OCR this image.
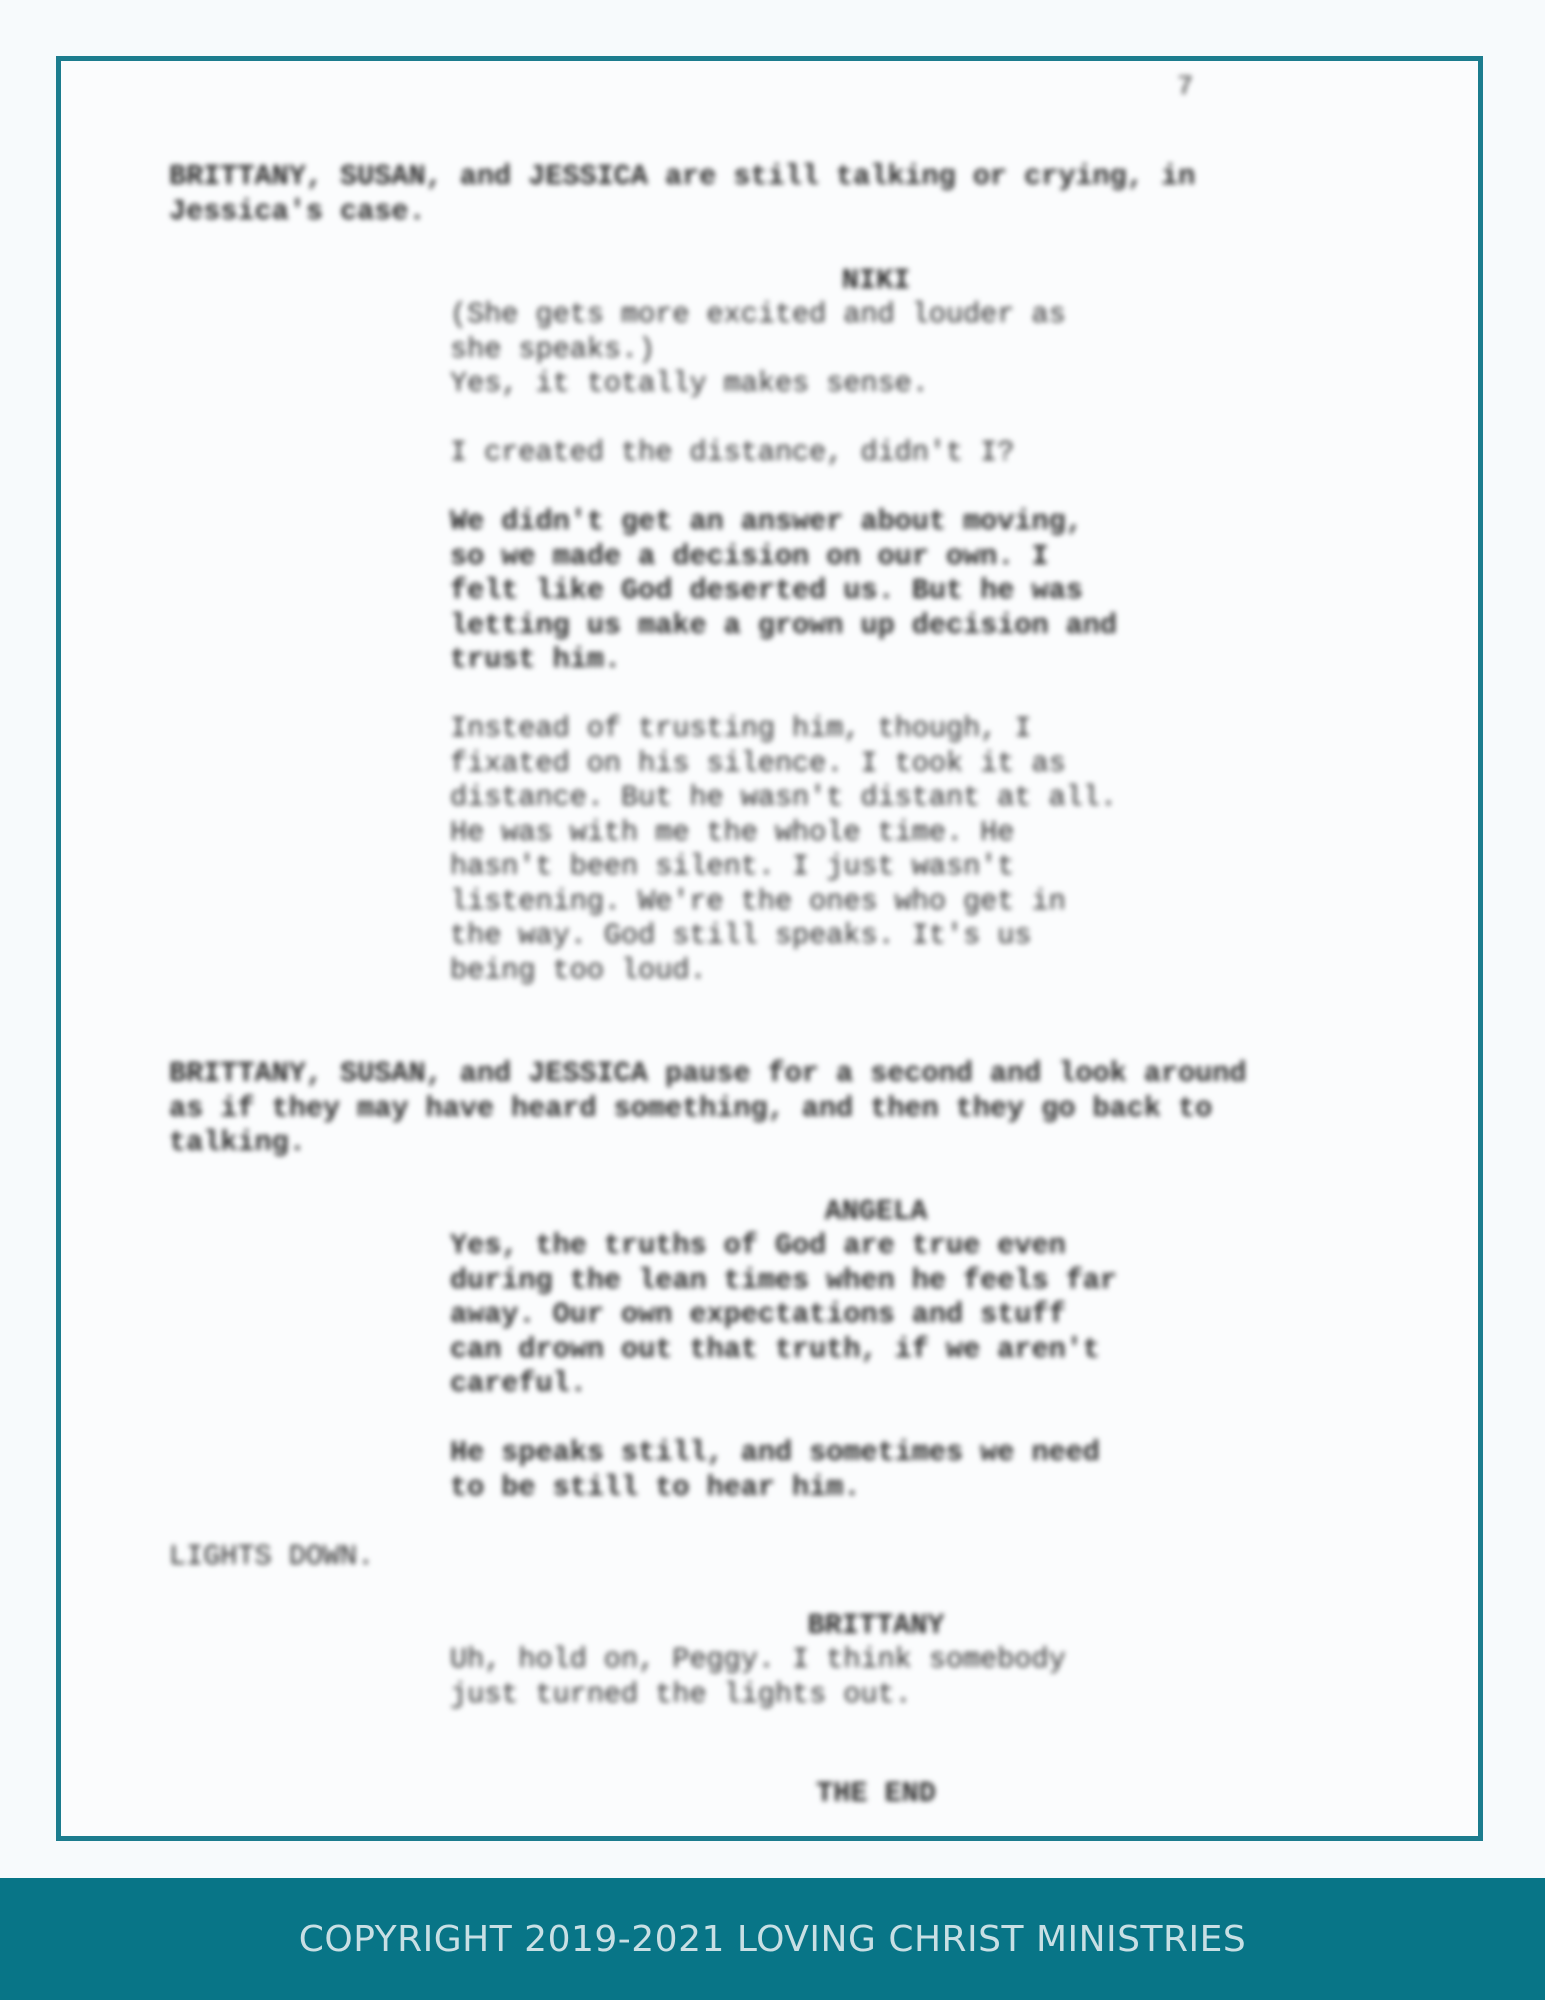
7

BRITTANY, SUSAN, and JESSICA are still talking or crying, in
Jessica's case.

NIKI

(She gets more excited and louder as
she speaks.)

Yes, it totally makes sense.

I created the distance, didn't I?

We didn't get an answer about moving,
so we made a decision on our own. I
felt like God deserted us. But he was
letting us make a grown up decision and
trust him.

Instead of trusting him, though, I
fixated on his silence. I took it as
distance. But he wasn't distant at all.
He was with me the whole time. He
hasn't been silent. I just wasn't
listening. We're the ones who get in
the way. God still speaks. It's us
being too loud.

BRITTANY, SUSAN, and JESSICA pause for a second and look around
as if they may have heard something, and then they go back to
talking.

ANGELA

Yes, the truths of God are true even
during the lean times when he feels far
away. Our own expectations and stuff
can drown out that truth, if we aren't
careful.

He speaks still, and sometimes we need
to be still to hear him.

LIGHTS DOWN.

BRITTANY

Uh, hold on, Peggy. I think somebody
just turned the lights out.

THE END

COPYRIGHT 2019-2021 LOVING CHRIST MINISTRIES
